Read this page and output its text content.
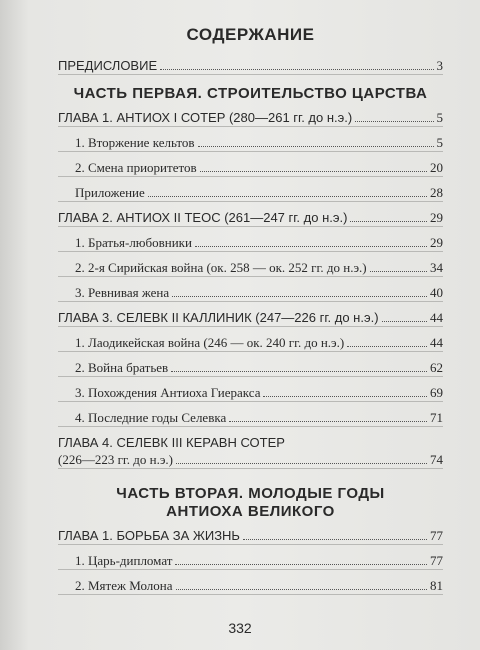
СОДЕРЖАНИЕ
ПРЕДИСЛОВИЕ	3
ЧАСТЬ ПЕРВАЯ. СТРОИТЕЛЬСТВО ЦАРСТВА
ГЛАВА 1. АНТИОХ I СОТЕР (280—261 гг. до н.э.)	5
1. Вторжение кельтов	5
2. Смена приоритетов	20
Приложение	28
ГЛАВА 2. АНТИОХ II ТЕОС (261—247 гг. до н.э.)	29
1. Братья-любовники	29
2. 2-я Сирийская война (ок. 258 — ок. 252 гг. до н.э.)	34
3. Ревнивая жена	40
ГЛАВА 3. СЕЛЕВК II КАЛЛИНИК (247—226 гг. до н.э.)	44
1. Лаодикейская война (246 — ок. 240 гг. до н.э.)	44
2. Война братьев	62
3. Похождения Антиоха Гиеракса	69
4. Последние годы Селевка	71
ГЛАВА 4. СЕЛЕВК III КЕРАВН СОТЕР
(226—223 гг. до н.э.)	74
ЧАСТЬ ВТОРАЯ. МОЛОДЫЕ ГОДЫ
АНТИОХА ВЕЛИКОГО
ГЛАВА 1. БОРЬБА ЗА ЖИЗНЬ	77
1. Царь-дипломат	77
2. Мятеж Молона	81
332
